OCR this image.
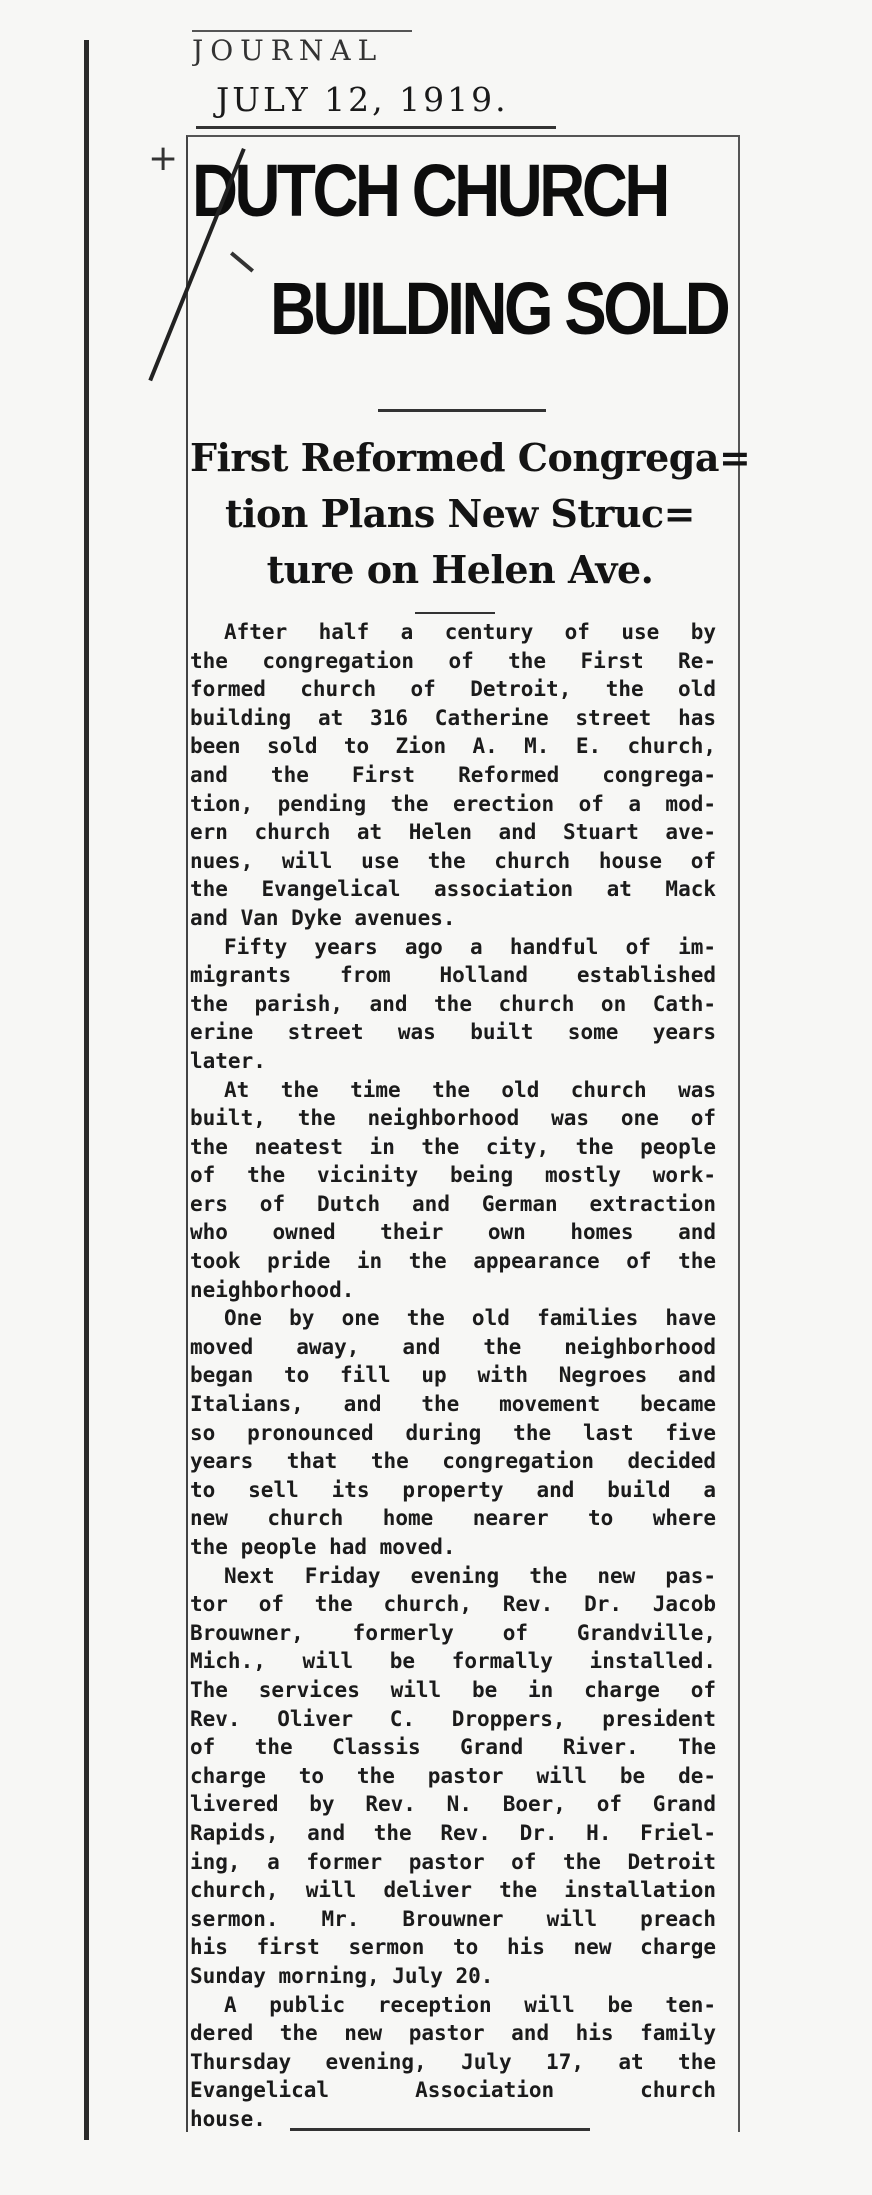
JOURNAL
JULY 12, 1919.
+ DUTCH CHURCH
BUILDING SOLD
First Reformed Congrega=
tion Plans New Struc=
ture on Helen Ave.
After half a century of use by
the congregation of the First Re-
formed church of Detroit, the old
building at 316 Catherine street has
been sold to Zion A. M. E. church,
and the First Reformed congrega-
tion, pending the erection of a mod-
ern church at Helen and Stuart ave-
nues, will use the church house of
the Evangelical association at Mack
and Van Dyke avenues.
Fifty years ago a handful of im-
migrants from Holland established
the parish, and the church on Cath-
erine street was built some years
later.
At the time the old church was
built, the neighborhood was one of
the neatest in the city, the people
of the vicinity being mostly work-
ers of Dutch and German extraction
who owned their own homes and
took pride in the appearance of the
neighborhood.
One by one the old families have
moved away, and the neighborhood
began to fill up with Negroes and
Italians, and the movement became
so pronounced during the last five
years that the congregation decided
to sell its property and build a
new church home nearer to where
the people had moved.
Next Friday evening the new pas-
tor of the church, Rev. Dr. Jacob
Brouwner, formerly of Grandville,
Mich., will be formally installed.
The services will be in charge of
Rev. Oliver C. Droppers, president
of the Classis Grand River. The
charge to the pastor will be de-
livered by Rev. N. Boer, of Grand
Rapids, and the Rev. Dr. H. Friel-
ing, a former pastor of the Detroit
church, will deliver the installation
sermon. Mr. Brouwner will preach
his first sermon to his new charge
Sunday morning, July 20.
A public reception will be ten-
dered the new pastor and his family
Thursday evening, July 17, at the
Evangelical Association church
house.
